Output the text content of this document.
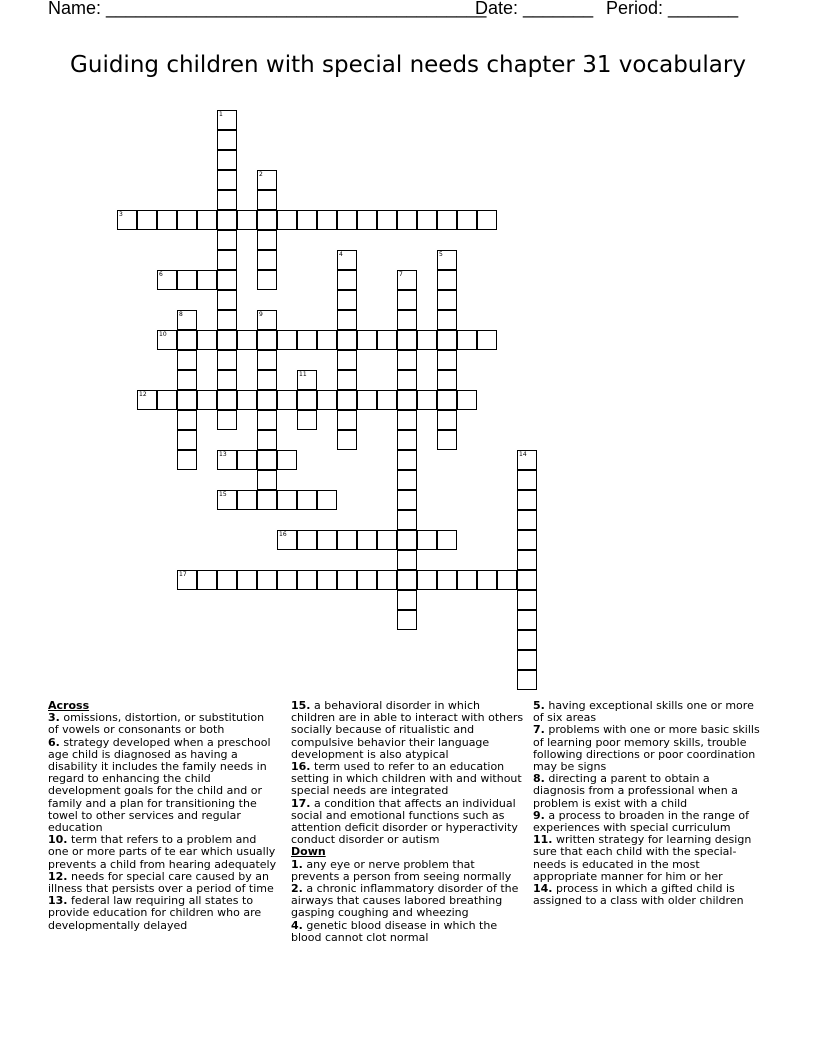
Name: ______________________________________
Date: _______ Period: _______
Guiding children with special needs chapter 31 vocabulary
1
2
3
4	5
6	7
8	9
10
11
12
13	14
15
16
17
Across
3. omissions, distortion, or substitution of vowels or consonants or both
6. strategy developed when a preschool age child is diagnosed as having a disability it includes the family needs in regard to enhancing the child development goals for the child and or family and a plan for transitioning the towel to other services and regular education
10. term that refers to a problem and one or more parts of te ear which usually prevents a child from hearing adequately
12. needs for special care caused by an illness that persists over a period of time
13. federal law requiring all states to provide education for children who are developmentally delayed
15. a behavioral disorder in which children are in able to interact with others socially because of ritualistic and compulsive behavior their language development is also atypical
16. term used to refer to an education setting in which children with and without special needs are integrated
17. a condition that affects an individual social and emotional functions such as attention deficit disorder or hyperactivity conduct disorder or autism
Down
1. any eye or nerve problem that prevents a person from seeing normally
2. a chronic inflammatory disorder of the airways that causes labored breathing gasping coughing and wheezing
4. genetic blood disease in which the blood cannot clot normal
5. having exceptional skills one or more of six areas
7. problems with one or more basic skills of learning poor memory skills, trouble following directions or poor coordination may be signs
8. directing a parent to obtain a diagnosis from a professional when a problem is exist with a child
9. a process to broaden in the range of experiences with special curriculum
11. written strategy for learning design sure that each child with the special-needs is educated in the most appropriate manner for him or her
14. process in which a gifted child is assigned to a class with older children
